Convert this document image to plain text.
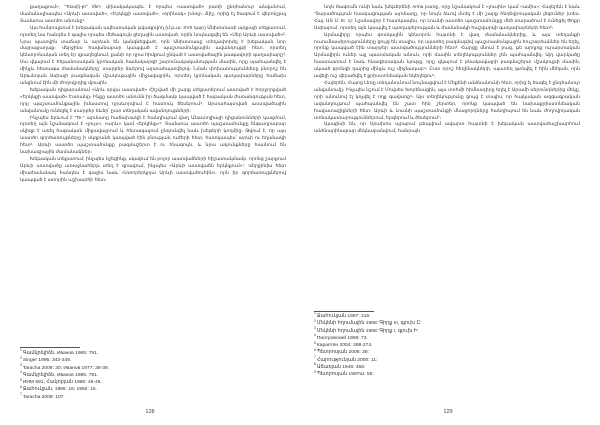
քաղաքում», "Toxu(i)-p'ṙ' tṙkṙ» փխակակապեւ է որպես «աստված» բառի ընդհանուր անվանում, մամանալիապես «Արևի աստված», «Երկնքի աստված», «օրինակ» խնդր. Ճիշ, որից էլ ծագում է վերոնշյալ Տամաուս աստծո անունը¹.

Այս հանրույթում է խեթական ավեստական թվագրվող (մ.թ.ա. XVII դար) Անիտտասի արքայի տեքստում, որտեղ նա հանդես է գալիս որպես մեծագույն ցեղային աստված, որին նույնացվել են «Սեր Արևի աստված»². Նրա պատվին տաճար և արձան են կանգնեցված, որն Անիտտասը տեղափոխել է խեթական նոր մայրաքաղաք։ Վերջինս հավանաբար կապված է պաշտամունքային ավանդույթի հետ, որտեղ կենտրոնական տեղ էր զբաղեցնում, քանի որ դրա հիմքում ընկած է աստվածային թագավորի գաղափարը³. Սա վկայում է հեթանոսական կրոնական համակարգի շարունակականության մասին, որը պահպանվել է մինչև հետագա ժամանակները՝ տարբեր ձևերով արտահայտվելով։ Նման փոխառությունները բնորոշ են Արևմտյան Ասիայի բազմազան մշակութային միջավայրին, որտեղ կրոնական գաղափարները հաճախ անցնում էին մի ժողովրդից մյուսին։

Խեթական դիցարանում «Արև օրվա աստված» Հիշված մի շարք տեքստերում աստված է հորջորջված «Երկնքի աստված» Էստանը։ Ինքը աստծո անունն իր ծագմամբ կապված է հաթական ժառանգության հետ, որը պաշտամունքային իմաստով դրսևորվում է հատուկ ծեսերում⁴. Արտահայտված աստվածային անվանումը ունեցել է տարբեր ձևեր՝ ըստ տեղական ավանդույթների։

Ինչպես երևում է "Te-" արմատը հաճախակի է հանդիպում վաղ Անատոլիայի դիցանունների կազմում, որտեղ այն նշանակում է «լույս», «արև» կամ «երկինք»⁵. Տամաուս աստծո պաշտամունքը ենթադրաբար սկիզբ է առել հաթական միջավայրում և հետագայում ընդունվել նաև խեթերի կողմից։ Թվում է, որ այս աստծո գործառույթները ի սկզբանե կապված էին բնության ուժերի հետ, հատկապես՝ արևի ու եղանակի հետ⁶. Արևի աստծո պաշտամունքը բազմաշերտ է ու հնագույն, և նրա ակունքները հասնում են նախագրային ժամանակներ։

Խեթական տեքստում, ինչպես նշեցինք, սկսվում են բոլոր աստվածների հիշատակմամբ, որոնց շարքում Արևի աստվածը առաջնահերթ տեղ է գրավում, ինչպես «Արևի աստվածն երկնքում»⁷. Վերջինիս հետ միաժամանակ հանդես է գալիս նաև «Ստորերկրյա Արևի աստվածուհին», որն իր գործառույթներով կապված է ստորին աշխարհի հետ։

$^1$Գամկրելիձե, Иванов 1985: 791.
$^2$Singer 1995: 343-349.
$^3$Taracha 2009: 30; Иванов 1977: 38-39.
$^4$Գամկրելիձե, Иванов 1985: 791.
$^5$ИИМ 591, Հակոբյան 1990: 45-46.
$^6$Ջահուկյան, 1986: 16; 1992: 16.
$^7$Taracha 2009: 107.
128

նոյն ծագումն ունի նաև խեթերենի Arma բառը, որը նշանակում է «լուսին» կամ «ամիս»: Հայերեն է նաև "Տարածություն հասկացության արմատը, որ նույն ձևով մտել է մի շարք հնդեվրոպական լեզուներ (տես. Հայ. ԱՏ Ս. III. 1): Նշանավոր է հատկապես, որ Լուսնի աստծո պաշտամունքը մեծ տարածում է ունեցել Փոքր Ասիայում, որտեղ այն կապվել է պտղաբերության և ժամանակի հաշվարկի գաղափարների հետ²։

Արմավիրը որպես գոտկային կենտրոն հայտնի է վաղ ժամանակներից, և այս տեղանքի ուսումնասիրությունները ցույց են տալիս, որ այստեղ բազմաթիվ պաշտամունքային հուշարձաններ են եղել, որոնք կապված էին տարբեր աստվածությունների հետ³. Հարցը մնում է բաց, թե արդյոք ուրարտական Արմավիրն ուներ այլ պատմական անուն, որի մասին տեղեկություններ չեն պահպանվել։ Այդ վարկածը հաստատում է նաև հնագիտական նյութը, որը վկայում է բնակավայրի բազմաշերտ մշակույթի մասին, սկսած բրոնզի դարից մինչև ուշ միջնադար⁴։ Ըստ որոշ հեղինակների, այստեղ գտնվել է հին մեհյան, որն ավելի ուշ վերածվել է քրիստոնեական եկեղեցու⁵։

Հայերեն, Հայոց Լեռը տեղանունում նույնացվում է Մեքենի անձնանունի հետ, որից էլ ծագել է ընդհանուր անվանումը։ Ինչպես նշում է Մովսես Խորենացին, այս տոհմի հիմնադիրը եղել է Արամի սերունդներից մեկը, որի անունով էլ կոչվել է ողջ գավառը⁶։ Այս տեղեկությունը ցույց է տալիս, որ հայկական ազգագրական ավանդույթում պահպանվել են շատ հին շերտեր, որոնք կապված են նախաքրիստոնեական հավատալիքների հետ։ Արևի և Լուսնի պաշտամունքի մնացորդները հանդիպում են նաև ժողովրդական տոնակատարություններում, երգերում և ծեսերում⁷։

Այսպիսի են, որ Սրախոս պրպում թեպվում ավարտ հայտնի է խեթական աստվածաշխարհում անհնարինաբար մեկնաբանվում, հանրայն

$^1$Ջահուկյան 1987: 315:
$^2$Մեկենի հղումային 1968: Գիրք III, գլուխ Ը:
$^3$Մեկենի հղումային 1968: Գիրք I, գլուխ Ի:
$^4$Пиотровский 1959: 73.
$^5$Караптян 2004: 268-274.
$^6$Պետրոսյան 2006: 38:
$^7$Հարությունյան 2000: 11:
$^8$Աճառյան 1946: 456:
$^9$Պետրոսյան 1997ա: 55:
129
